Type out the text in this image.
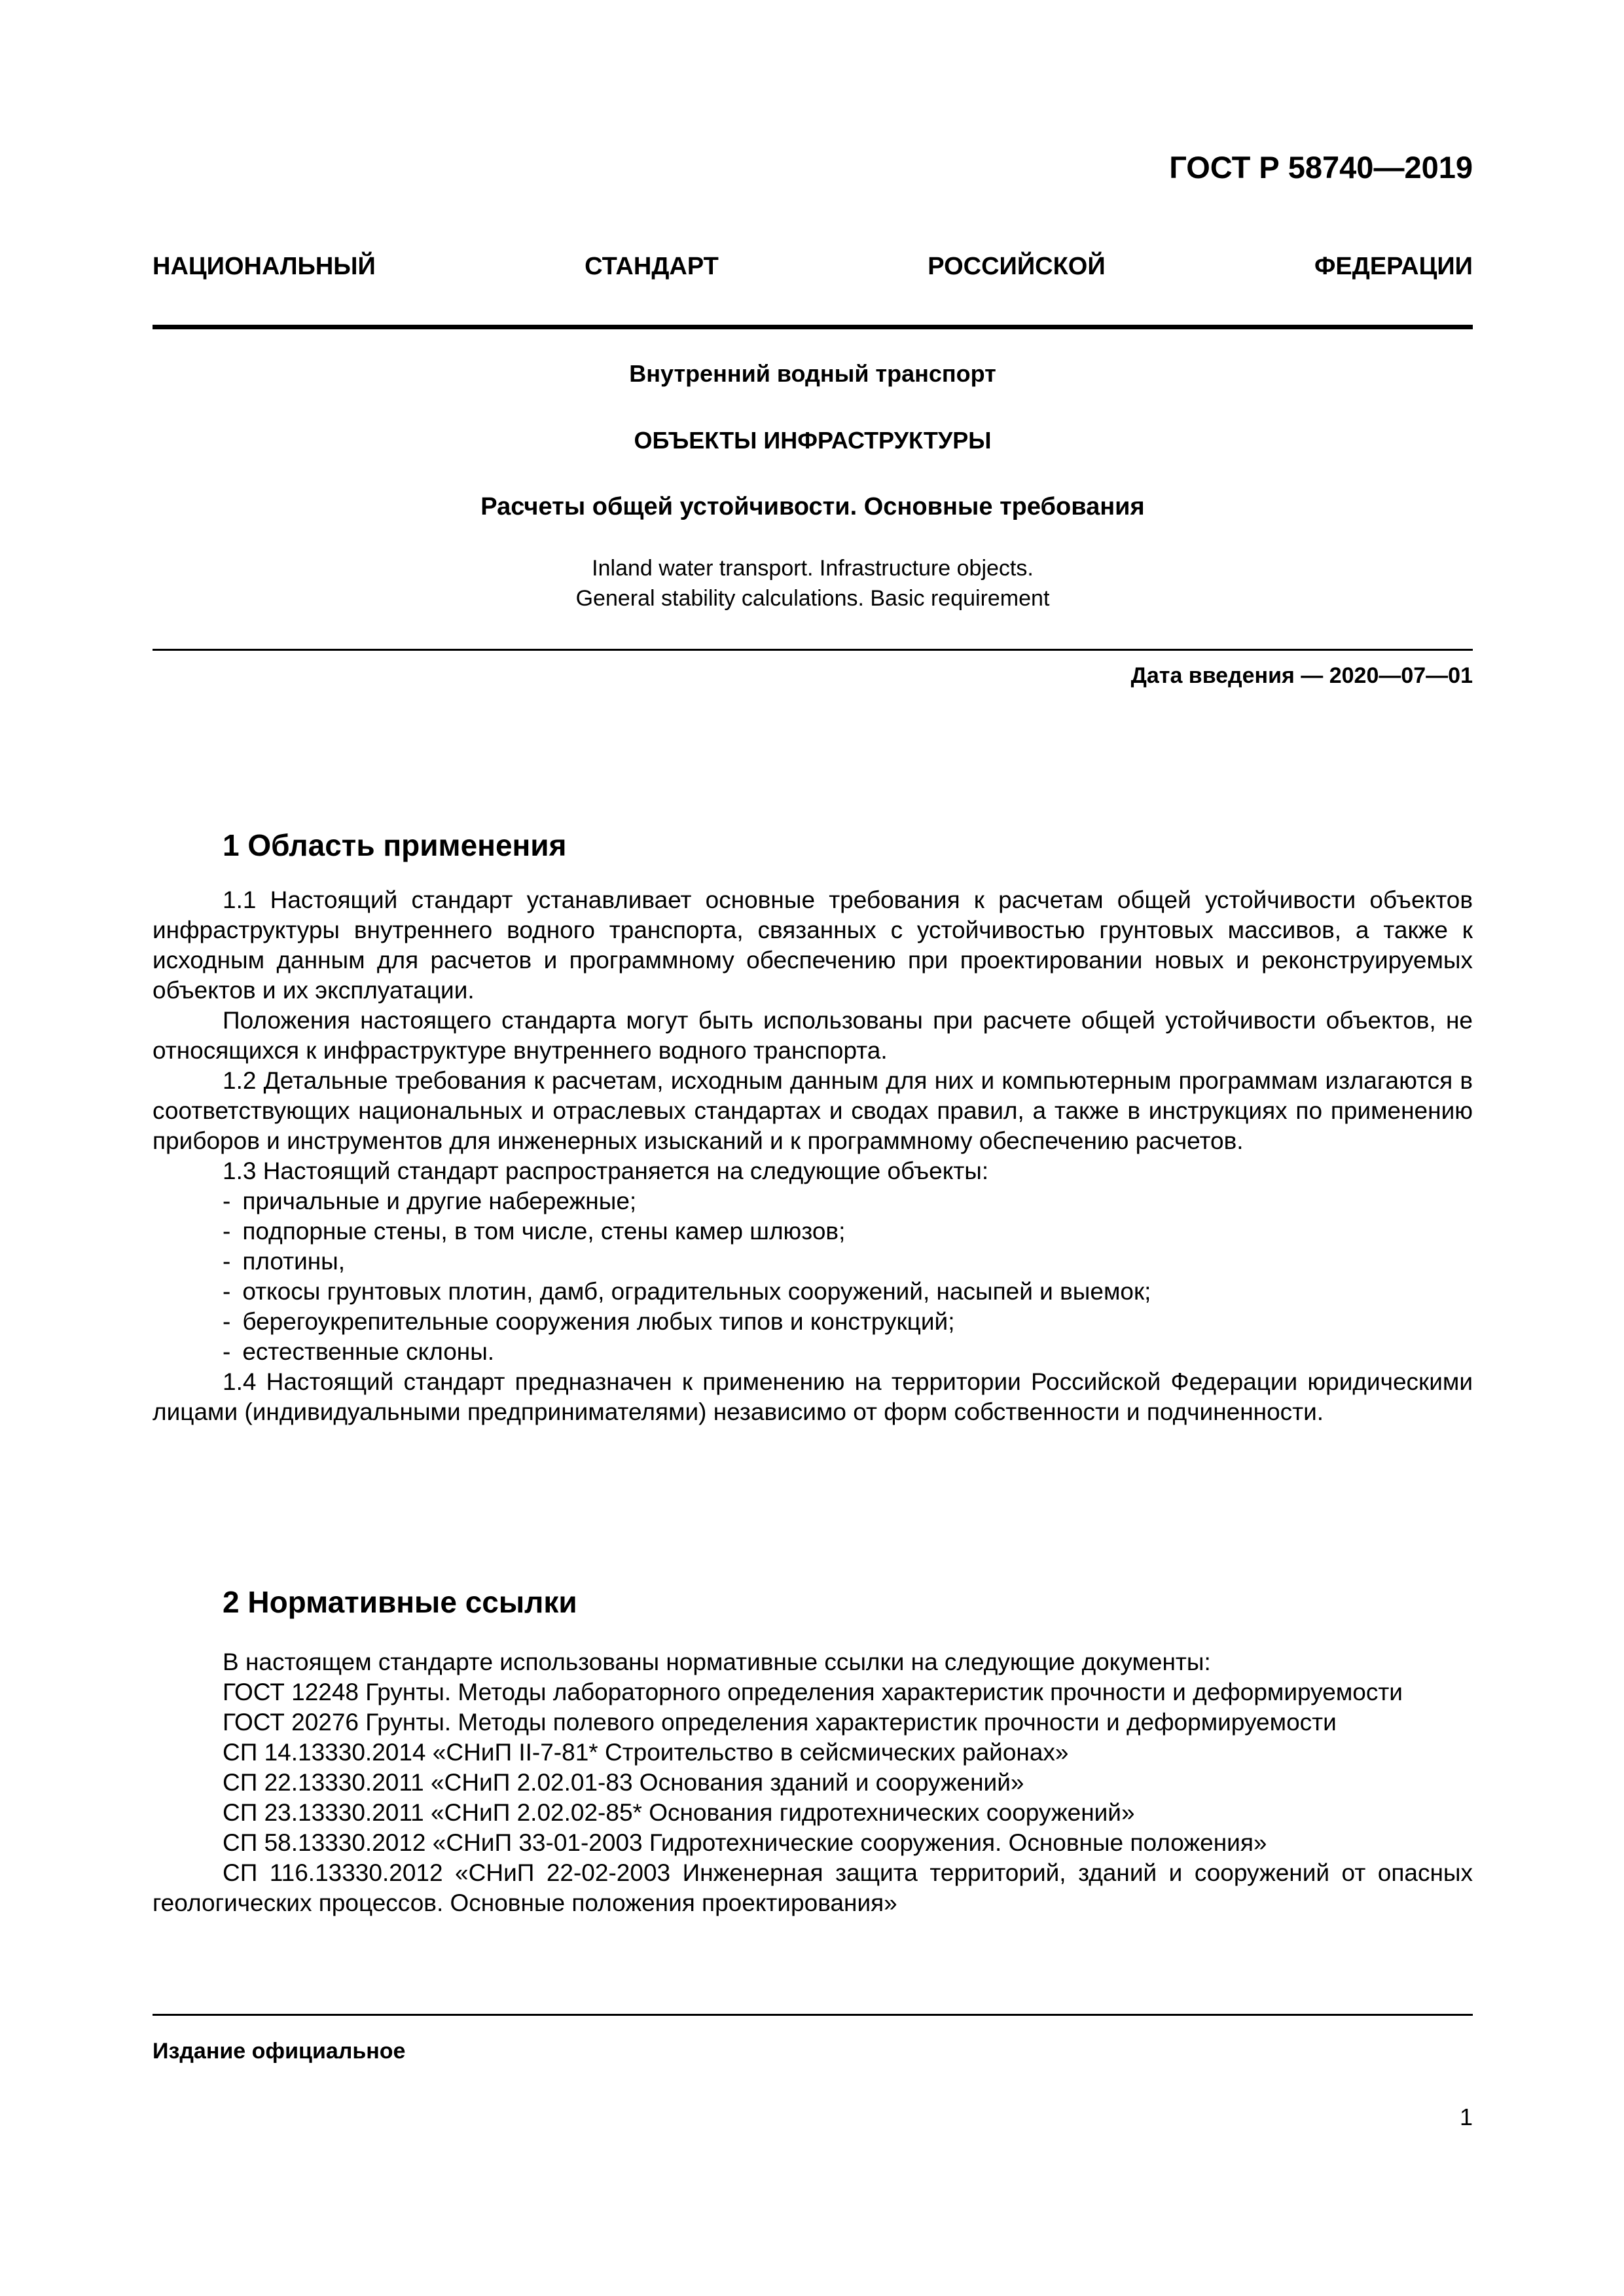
ГОСТ Р 58740—2019
НАЦИОНАЛЬНЫЙ СТАНДАРТ РОССИЙСКОЙ ФЕДЕРАЦИИ
Внутренний водный транспорт
ОБЪЕКТЫ ИНФРАСТРУКТУРЫ
Расчеты общей устойчивости. Основные требования
Inland water transport. Infrastructure objects.
General stability calculations. Basic requirement
Дата введения — 2020—07—01
1 Область применения

1.1 Настоящий стандарт устанавливает основные требования к расчетам общей устойчивости объектов инфраструктуры внутреннего водного транспорта, связанных с устойчивостью грунтовых массивов, а также к исходным данным для расчетов и программному обеспечению при проектировании новых и реконструируемых объектов и их эксплуатации.

Положения настоящего стандарта могут быть использованы при расчете общей устойчивости объектов, не относящихся к инфраструктуре внутреннего водного транспорта.

1.2 Детальные требования к расчетам, исходным данным для них и компьютерным программам излагаются в соответствующих национальных и отраслевых стандартах и сводах правил, а также в инструкциях по применению приборов и инструментов для инженерных изысканий и к программному обеспечению расчетов.

1.3 Настоящий стандарт распространяется на следующие объекты:

- причальные и другие набережные;

- подпорные стены, в том числе, стены камер шлюзов;

- плотины,

- откосы грунтовых плотин, дамб, оградительных сооружений, насыпей и выемок;

- берегоукрепительные сооружения любых типов и конструкций;

- естественные склоны.

1.4 Настоящий стандарт предназначен к применению на территории Российской Федерации юридическими лицами (индивидуальными предпринимателями) независимо от форм собственности и подчиненности.

2 Нормативные ссылки

В настоящем стандарте использованы нормативные ссылки на следующие документы:

ГОСТ 12248 Грунты. Методы лабораторного определения характеристик прочности и деформируемости

ГОСТ 20276 Грунты. Методы полевого определения характеристик прочности и деформируемости

СП 14.13330.2014 «СНиП II-7-81* Строительство в сейсмических районах»

СП 22.13330.2011 «СНиП 2.02.01-83 Основания зданий и сооружений»

СП 23.13330.2011 «СНиП 2.02.02-85* Основания гидротехнических сооружений»

СП 58.13330.2012 «СНиП 33-01-2003 Гидротехнические сооружения. Основные положения»

СП 116.13330.2012 «СНиП 22-02-2003 Инженерная защита территорий, зданий и сооружений от опасных геологических процессов. Основные положения проектирования»

Издание официальное
1
